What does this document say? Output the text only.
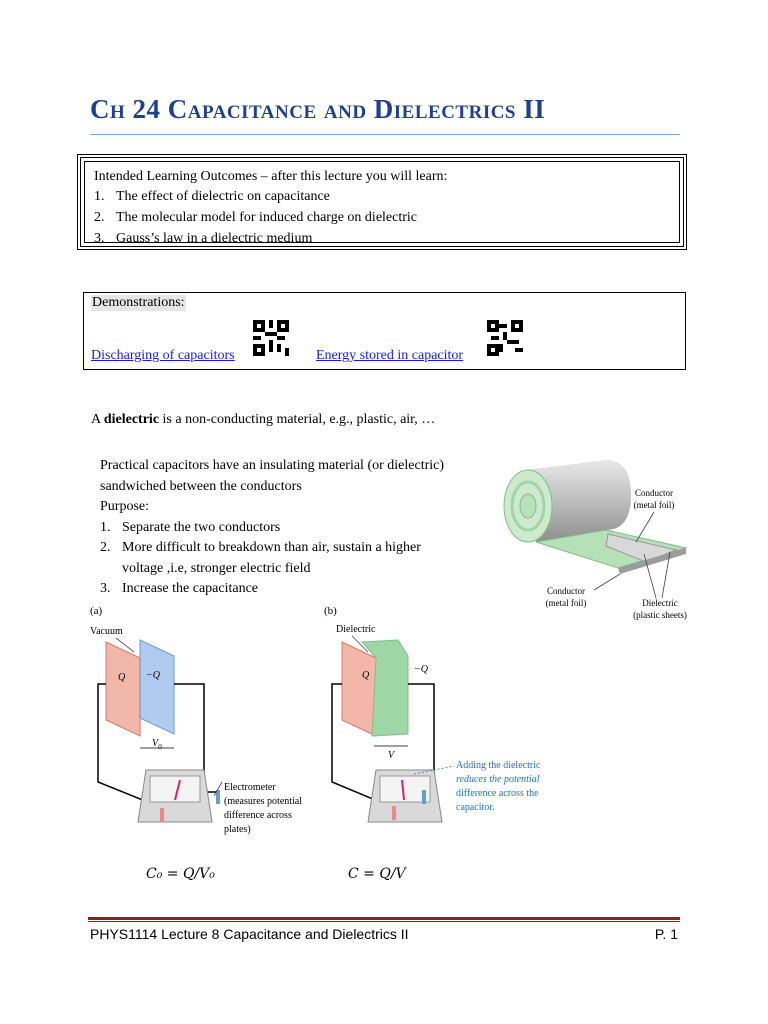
Ch 24 Capacitance and Dielectrics II

Intended Learning Outcomes – after this lecture you will learn:

1. The effect of dielectric on capacitance

2. The molecular model for induced charge on dielectric

3. Gauss’s law in a dielectric medium

Demonstrations:
Discharging of capacitors	Energy stored in capacitor

A dielectric is a non-conducting material, e.g., plastic, air, …

Practical capacitors have an insulating material (or dielectric)
sandwiched between the conductors
Purpose:
1. Separate the two conductors
2. More difficult to breakdown than air, sustain a higher
voltage ,i.e, stronger electric field
3. Increase the capacitance
Conductor
(metal foil)
Conductor
(metal foil)	Dielectric
(plastic sheets)
(a)
Vacuum
Q −Q
$V_0$
Electrometer
(measures potential
difference across
plates)
(b)
Dielectric
Q
−Q
V
Adding the dielectric
reduces the potential
difference across the
capacitor.
C₀ = Q/V₀	C = Q/V
PHYS1114 Lecture 8 Capacitance and Dielectrics II	P. 1
